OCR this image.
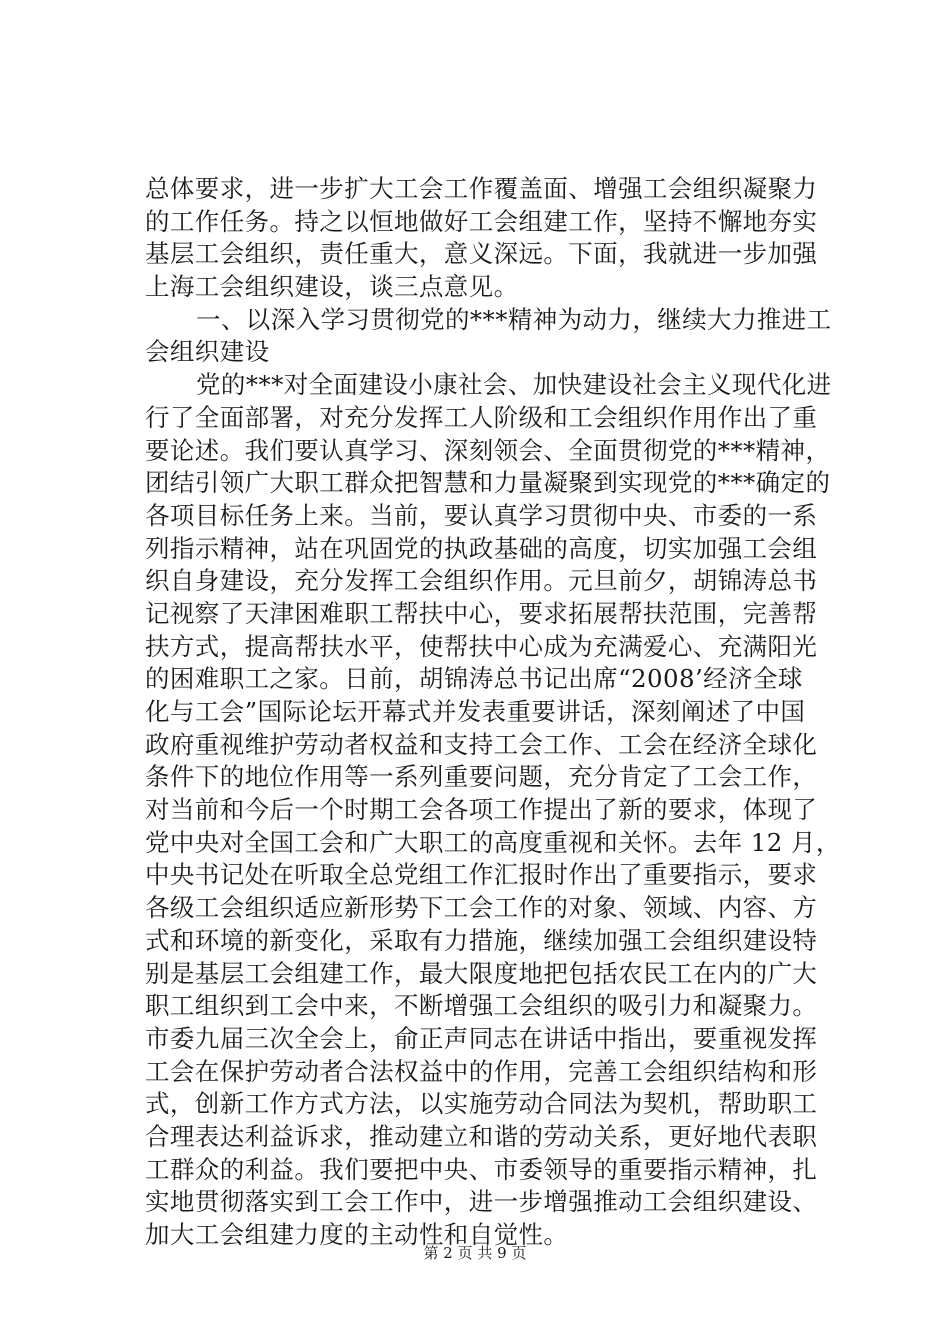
总体要求，进一步扩大工会工作覆盖面、增强工会组织凝聚力
的工作任务。持之以恒地做好工会组建工作，坚持不懈地夯实
基层工会组织，责任重大，意义深远。下面，我就进一步加强
上海工会组织建设，谈三点意见。
一、以深入学习贯彻党的***精神为动力，继续大力推进工
会组织建设
党的***对全面建设小康社会、加快建设社会主义现代化进
行了全面部署，对充分发挥工人阶级和工会组织作用作出了重
要论述。我们要认真学习、深刻领会、全面贯彻党的***精神，
团结引领广大职工群众把智慧和力量凝聚到实现党的***确定的
各项目标任务上来。当前，要认真学习贯彻中央、市委的一系
列指示精神，站在巩固党的执政基础的高度，切实加强工会组
织自身建设，充分发挥工会组织作用。元旦前夕，胡锦涛总书
记视察了天津困难职工帮扶中心，要求拓展帮扶范围，完善帮
扶方式，提高帮扶水平，使帮扶中心成为充满爱心、充满阳光
的困难职工之家。日前，胡锦涛总书记出席“2008’经济全球
化与工会”国际论坛开幕式并发表重要讲话，深刻阐述了中国
政府重视维护劳动者权益和支持工会工作、工会在经济全球化
条件下的地位作用等一系列重要问题，充分肯定了工会工作，
对当前和今后一个时期工会各项工作提出了新的要求，体现了
党中央对全国工会和广大职工的高度重视和关怀。去年 12 月，
中央书记处在听取全总党组工作汇报时作出了重要指示，要求
各级工会组织适应新形势下工会工作的对象、领域、内容、方
式和环境的新变化，采取有力措施，继续加强工会组织建设特
别是基层工会组建工作，最大限度地把包括农民工在内的广大
职工组织到工会中来，不断增强工会组织的吸引力和凝聚力。
市委九届三次全会上，俞正声同志在讲话中指出，要重视发挥
工会在保护劳动者合法权益中的作用，完善工会组织结构和形
式，创新工作方式方法，以实施劳动合同法为契机，帮助职工
合理表达利益诉求，推动建立和谐的劳动关系，更好地代表职
工群众的利益。我们要把中央、市委领导的重要指示精神，扎
实地贯彻落实到工会工作中，进一步增强推动工会组织建设、
加大工会组建力度的主动性和自觉性。
第 2 页 共 9 页
